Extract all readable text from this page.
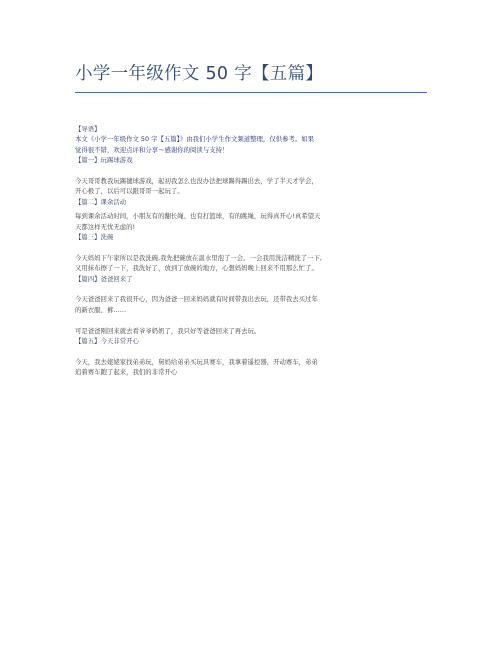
小学一年级作文 50 字【五篇】

【导语】

本文《小学一年级作文 50 字【五篇】》由我们小学生作文频道整理，仅供参考。如果

觉得很不错，欢迎点评和分享～感谢你的阅读与支持！

【篇一】玩踢球游戏

今天哥哥教我玩踢毽球游戏，起初我怎么也没办法把球踢得踢出去，学了半天才学会，

开心极了，以后可以跟哥哥一起玩了。

【篇二】课余活动

每到课余活动时间，小朋友有的翻长绳、也有打篮球，有的跳绳，玩得真开心!真希望天

天都这样无忧无虑的!

【篇三】洗碗

今天妈妈下午家所以是我洗碗,我先把碗放在温水里泡了一会。一会我用洗洁精洗了一下,

又用抹布擦了一下，我洗好了，放到了放碗的地方，心想妈妈晚上回来不用那么忙了。

【篇四】爸爸回来了

今天爸爸回来了我很开心，因为爸爸一回来妈妈就有时间带我出去玩，还带我去买过年

的新衣服、裤……

可是爸爸刚回来就去看爷爷奶奶了，我只好等爸爸回来了再去玩。

【篇五】今天非常开心

今天，我去姥姥家找弟弟玩，舅妈给弟弟买玩具赛车，我拿着遥控器，开动赛车，弟弟

追着赛车跑了起来，我们的非常开心
